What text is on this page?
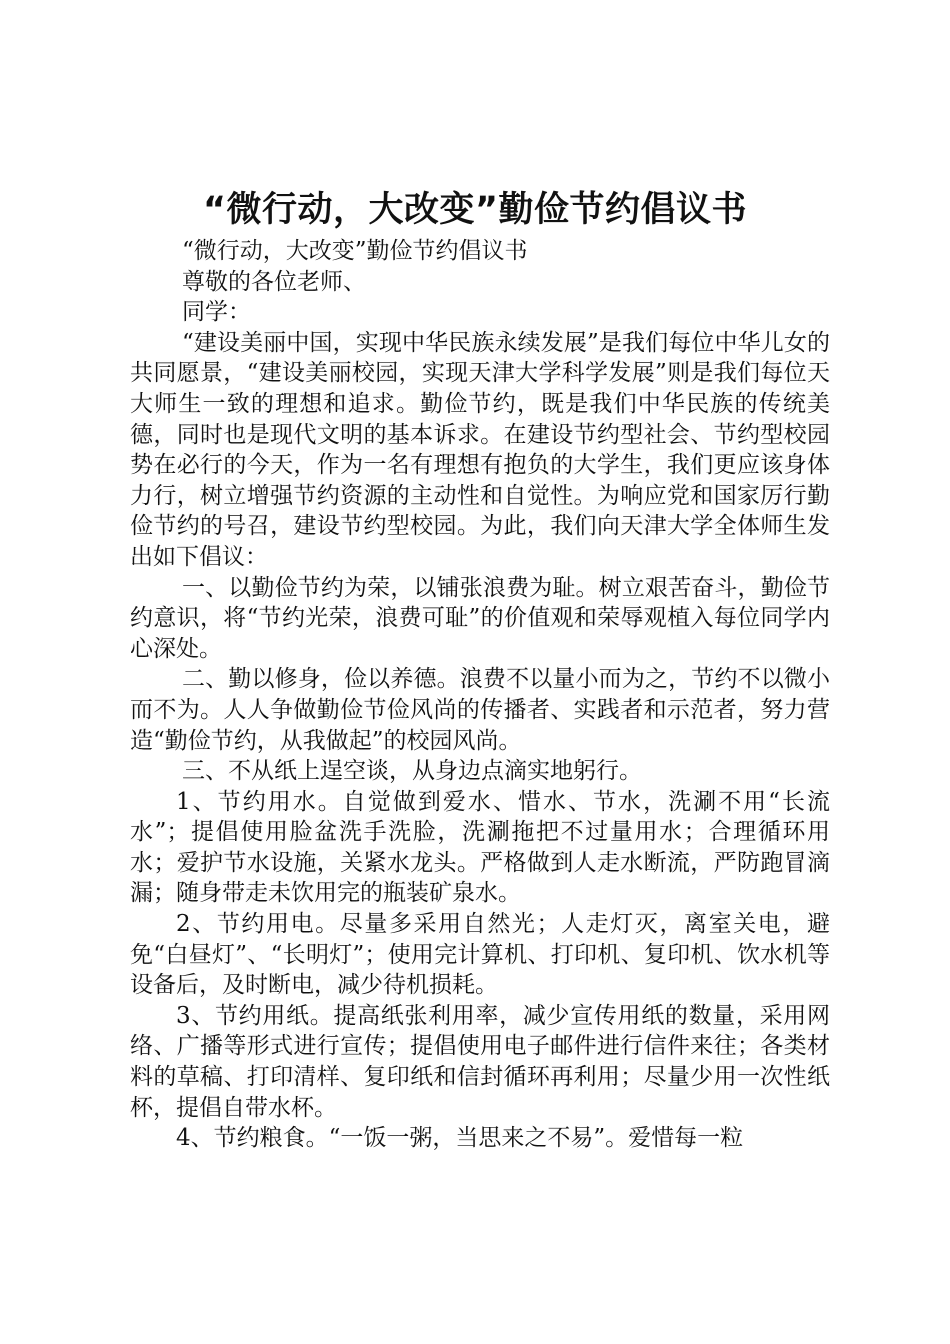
“微行动，大改变”勤俭节约倡议书

“微行动，大改变”勤俭节约倡议书

尊敬的各位老师、

同学：

“建设美丽中国，实现中华民族永续发展”是我们每位中华儿女的共同愿景，“建设美丽校园，实现天津大学科学发展”则是我们每位天大师生一致的理想和追求。勤俭节约，既是我们中华民族的传统美德，同时也是现代文明的基本诉求。在建设节约型社会、节约型校园势在必行的今天，作为一名有理想有抱负的大学生，我们更应该身体力行，树立增强节约资源的主动性和自觉性。为响应党和国家厉行勤俭节约的号召，建设节约型校园。为此，我们向天津大学全体师生发出如下倡议：

一、以勤俭节约为荣，以铺张浪费为耻。树立艰苦奋斗，勤俭节约意识，将“节约光荣，浪费可耻”的价值观和荣辱观植入每位同学内心深处。

二、勤以修身，俭以养德。浪费不以量小而为之，节约不以微小而不为。人人争做勤俭节俭风尚的传播者、实践者和示范者，努力营造“勤俭节约，从我做起”的校园风尚。

三、不从纸上逞空谈，从身边点滴实地躬行。

1、节约用水。自觉做到爱水、惜水、节水，洗涮不用“长流水”；提倡使用脸盆洗手洗脸，洗涮拖把不过量用水；合理循环用水；爱护节水设施，关紧水龙头。严格做到人走水断流，严防跑冒滴漏；随身带走未饮用完的瓶装矿泉水。

2、节约用电。尽量多采用自然光；人走灯灭，离室关电，避免“白昼灯”、“长明灯”；使用完计算机、打印机、复印机、饮水机等设备后，及时断电，减少待机损耗。

3、节约用纸。提高纸张利用率，减少宣传用纸的数量，采用网络、广播等形式进行宣传；提倡使用电子邮件进行信件来往；各类材料的草稿、打印清样、复印纸和信封循环再利用；尽量少用一次性纸杯，提倡自带水杯。

4、节约粮食。“一饭一粥，当思来之不易”。爱惜每一粒
